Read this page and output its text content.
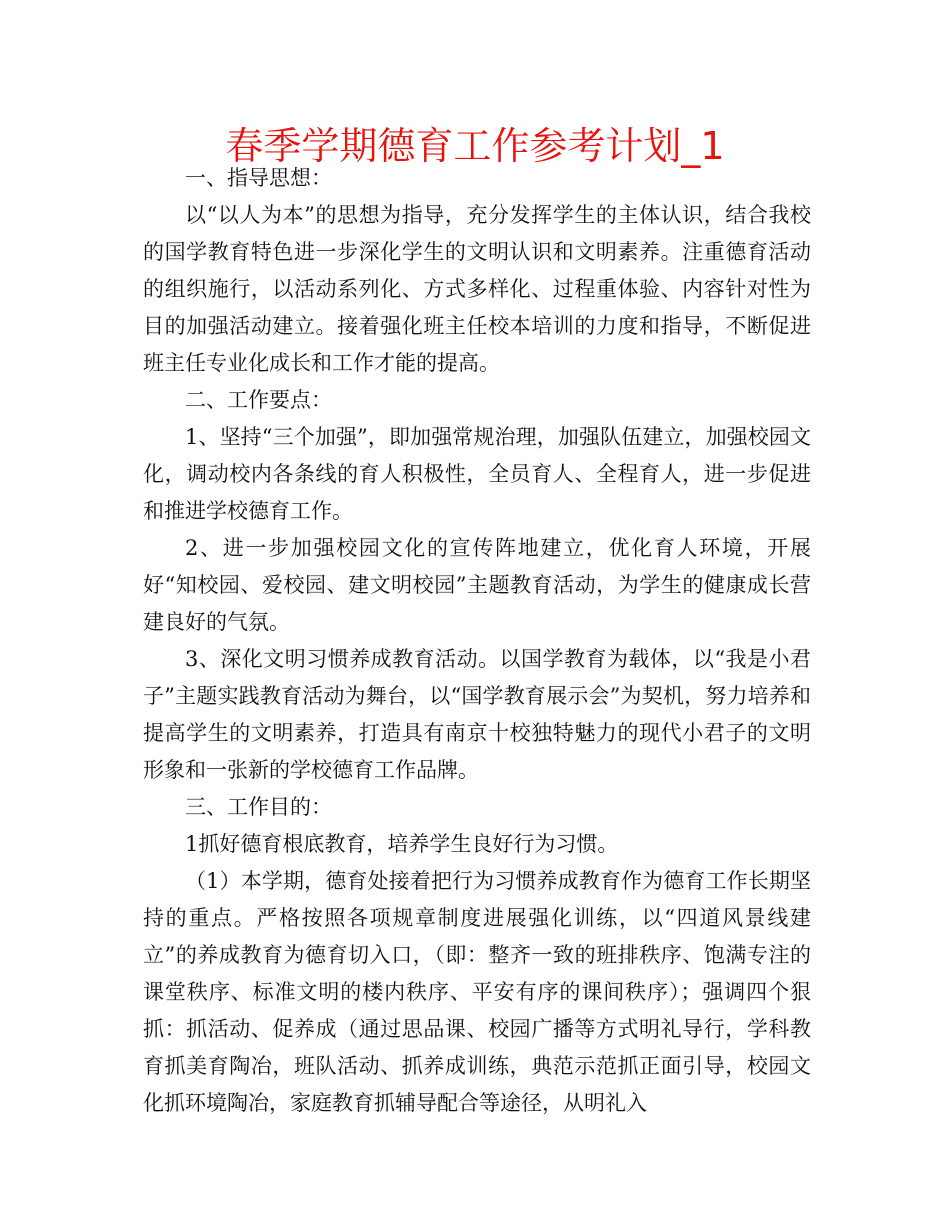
春季学期德育工作参考计划_1

一、指导思想：

以“以人为本”的思想为指导，充分发挥学生的主体认识，结合我校的国学教育特色进一步深化学生的文明认识和文明素养。注重德育活动的组织施行，以活动系列化、方式多样化、过程重体验、内容针对性为目的加强活动建立。接着强化班主任校本培训的力度和指导，不断促进班主任专业化成长和工作才能的提高。

二、工作要点：

1、坚持“三个加强”，即加强常规治理，加强队伍建立，加强校园文化，调动校内各条线的育人积极性，全员育人、全程育人，进一步促进和推进学校德育工作。

2、进一步加强校园文化的宣传阵地建立，优化育人环境，开展好“知校园、爱校园、建文明校园”主题教育活动，为学生的健康成长营建良好的气氛。

3、深化文明习惯养成教育活动。以国学教育为载体，以“我是小君子”主题实践教育活动为舞台，以“国学教育展示会”为契机，努力培养和提高学生的文明素养，打造具有南京十校独特魅力的现代小君子的文明形象和一张新的学校德育工作品牌。

三、工作目的：

1抓好德育根底教育，培养学生良好行为习惯。

（1）本学期，德育处接着把行为习惯养成教育作为德育工作长期坚持的重点。严格按照各项规章制度进展强化训练，以“四道风景线建立”的养成教育为德育切入口，（即：整齐一致的班排秩序、饱满专注的课堂秩序、标准文明的楼内秩序、平安有序的课间秩序）；强调四个狠抓：抓活动、促养成（通过思品课、校园广播等方式明礼导行，学科教育抓美育陶冶，班队活动、抓养成训练，典范示范抓正面引导，校园文化抓环境陶冶，家庭教育抓辅导配合等途径，从明礼入
